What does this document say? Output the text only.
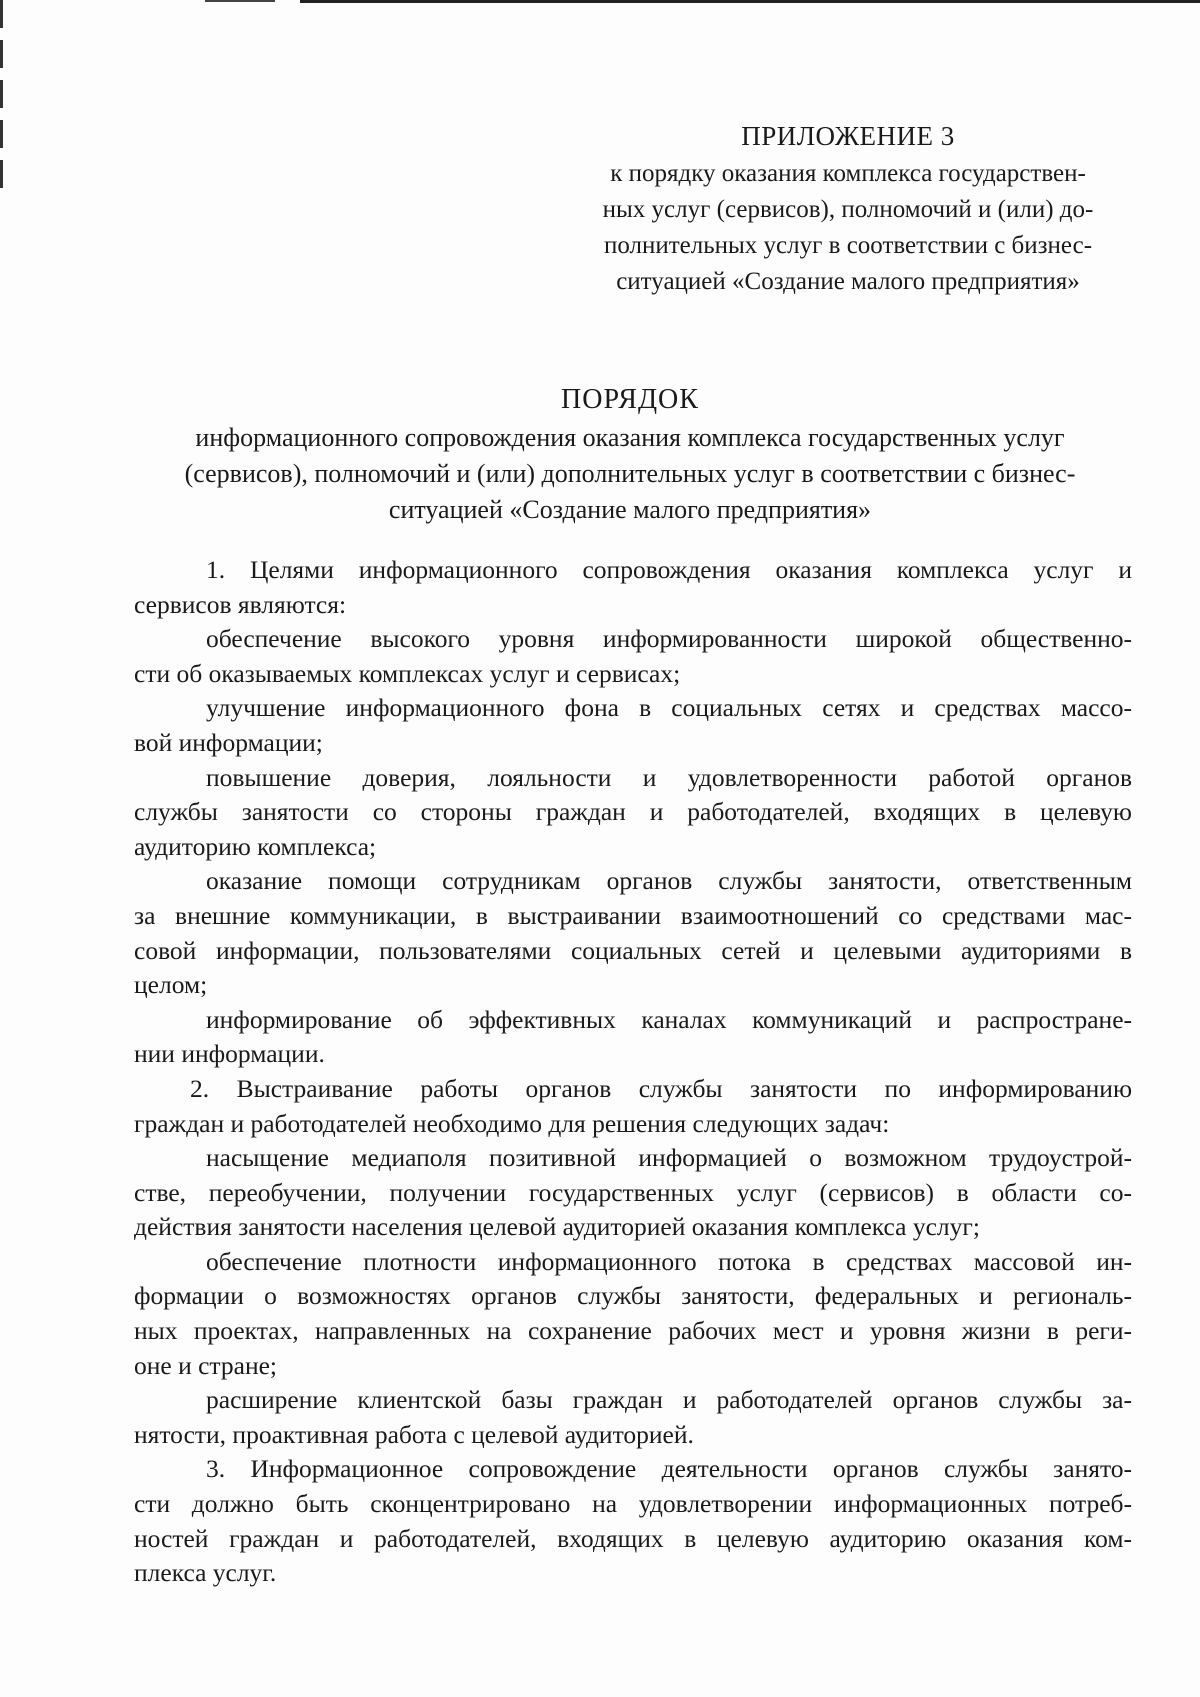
ПРИЛОЖЕНИЕ 3
к порядку оказания комплекса государствен-
ных услуг (сервисов), полномочий и (или) до-
полнительных услуг в соответствии с бизнес-
ситуацией «Создание малого предприятия»
ПОРЯДОК
информационного сопровождения оказания комплекса государственных услуг
(сервисов), полномочий и (или) дополнительных услуг в соответствии с бизнес-
ситуацией «Создание малого предприятия»
1. Целями информационного сопровождения оказания комплекса услуг и
сервисов являются:
обеспечение высокого уровня информированности широкой общественно-
сти об оказываемых комплексах услуг и сервисах;
улучшение информационного фона в социальных сетях и средствах массо-
вой информации;
повышение доверия, лояльности и удовлетворенности работой органов
службы занятости со стороны граждан и работодателей, входящих в целевую
аудиторию комплекса;
оказание помощи сотрудникам органов службы занятости, ответственным
за внешние коммуникации, в выстраивании взаимоотношений со средствами мас-
совой информации, пользователями социальных сетей и целевыми аудиториями в
целом;
информирование об эффективных каналах коммуникаций и распростране-
нии информации.
2. Выстраивание работы органов службы занятости по информированию
граждан и работодателей необходимо для решения следующих задач:
насыщение медиаполя позитивной информацией о возможном трудоустрой-
стве, переобучении, получении государственных услуг (сервисов) в области со-
действия занятости населения целевой аудиторией оказания комплекса услуг;
обеспечение плотности информационного потока в средствах массовой ин-
формации о возможностях органов службы занятости, федеральных и региональ-
ных проектах, направленных на сохранение рабочих мест и уровня жизни в реги-
оне и стране;
расширение клиентской базы граждан и работодателей органов службы за-
нятости, проактивная работа с целевой аудиторией.
3. Информационное сопровождение деятельности органов службы занято-
сти должно быть сконцентрировано на удовлетворении информационных потреб-
ностей граждан и работодателей, входящих в целевую аудиторию оказания ком-
плекса услуг.
